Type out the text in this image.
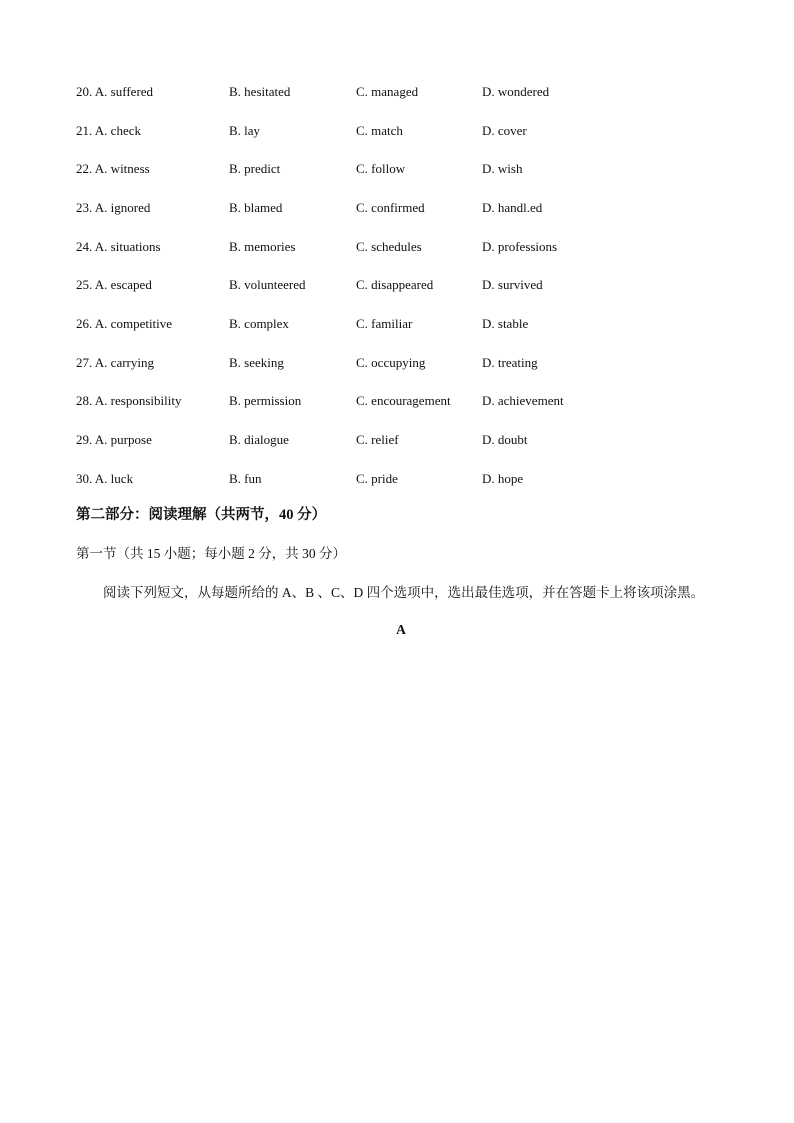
20. A. suffered	B. hesitated	C. managed	D. wondered
21. A. check	B. lay	C. match	D. cover
22. A. witness	B. predict	C. follow	D. wish
23. A. ignored	B. blamed	C. confirmed	D. handl.ed
24. A. situations	B. memories	C. schedules	D. professions
25. A. escaped	B. volunteered	C. disappeared	D. survived
26. A. competitive	B. complex	C. familiar	D. stable
27. A. carrying	B. seeking	C. occupying	D. treating
28. A. responsibility	B. permission	C. encouragement D. achievement
29. A. purpose	B. dialogue	C. relief	D. doubt
30. A. luck	B. fun	C. pride	D. hope
第二部分：阅读理解（共两节，40 分）
第一节（共 15 小题；每小题 2 分，共 30 分）
阅读下列短文，从每题所给的 A、B 、C、D 四个选项中，选出最佳选项，并在答题卡上将该项涂黑。
A
